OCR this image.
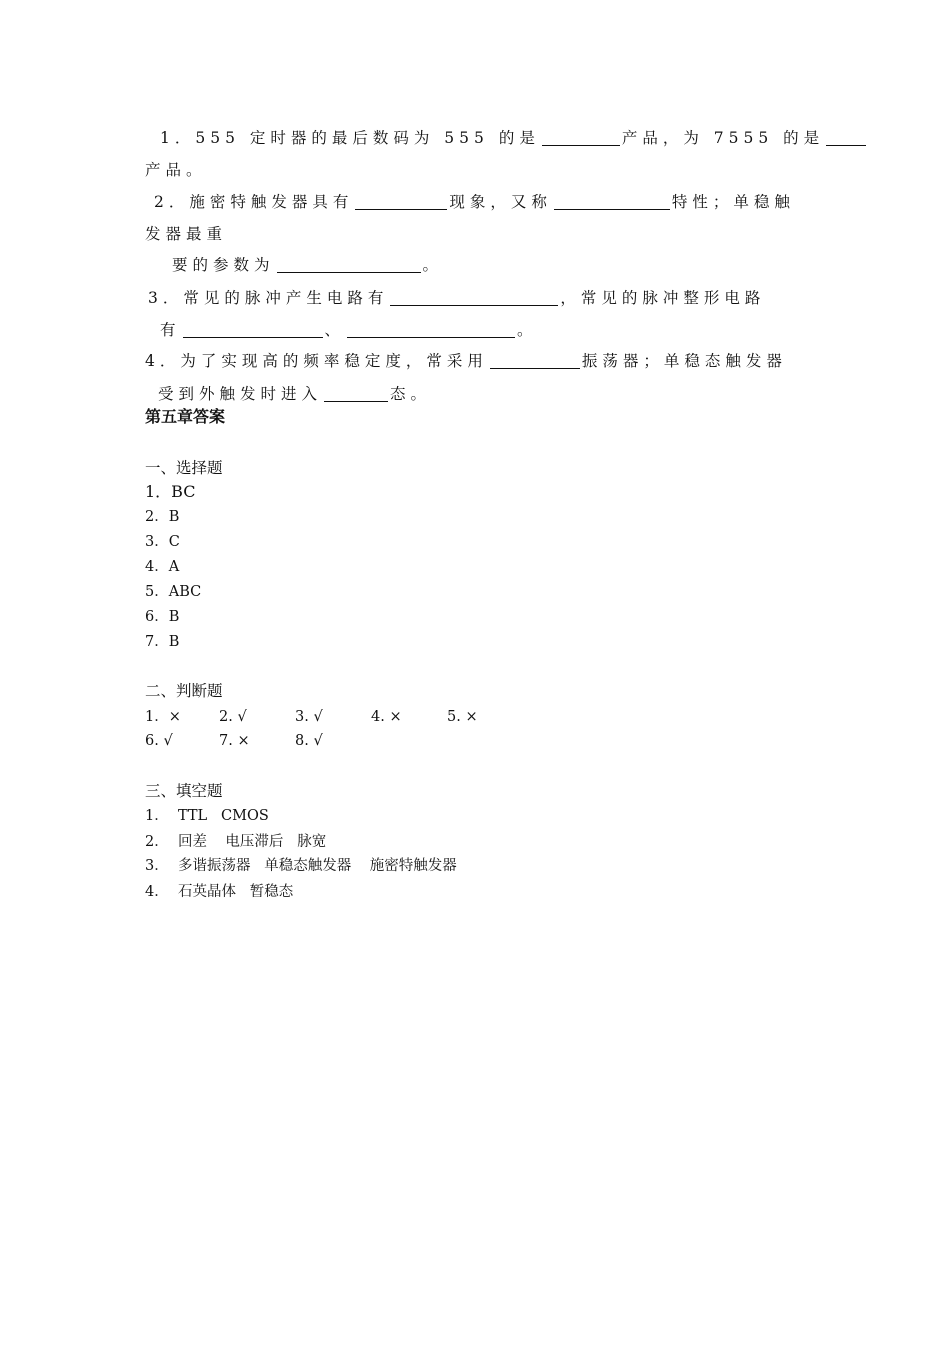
1．555 定时器的最后数码为 555 的是	产品，为 7555 的是
产品。
2．施密特触发器具有	现象，又称	特性；单稳触
发器最重
要的参数为	。
3．常见的脉冲产生电路有	，常见的脉冲整形电路
有	、	。
4．为了实现高的频率稳定度，常采用	振荡器；单稳态触发器
受到外触发时进入	态。
第五章答案
一、选择题
1．BC
2．B
3．C
4．A
5．ABC
6．B
7．B
二、判断题
1．×	2. √	3. √	4. ×	5. ×
6. √	7. ×	8. √
三、填空题
1．  TTL   CMOS
2．  回差    电压滞后   脉宽
3．  多谐振荡器   单稳态触发器    施密特触发器
4．  石英晶体   暂稳态
